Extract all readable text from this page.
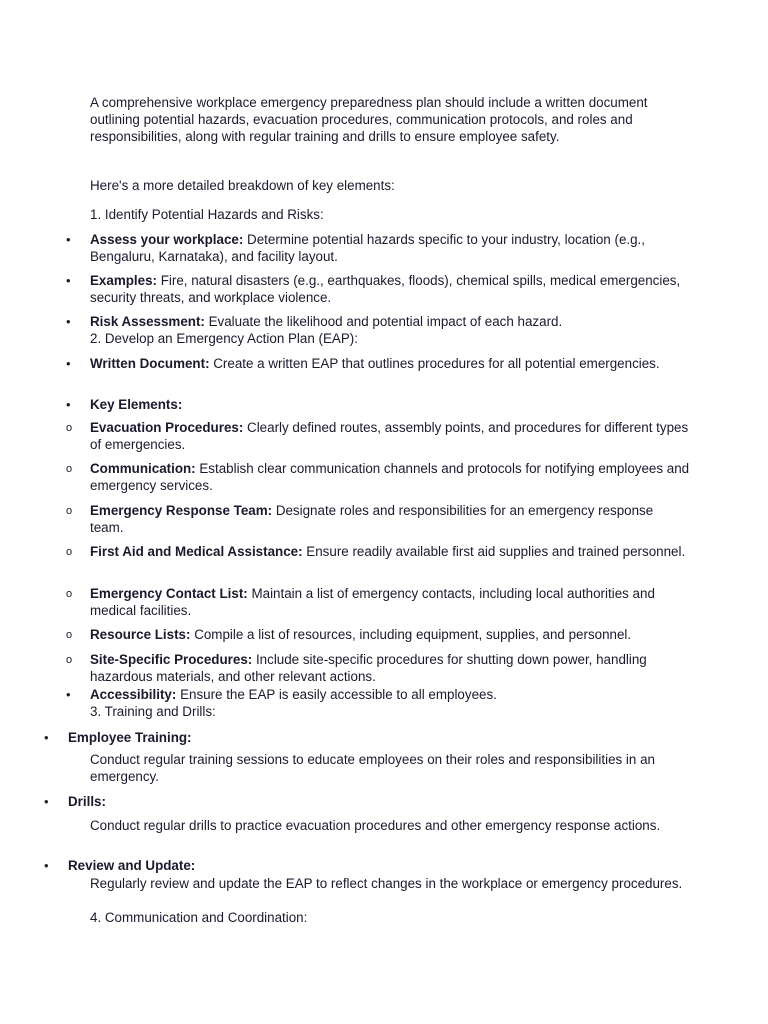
A comprehensive workplace emergency preparedness plan should include a written document outlining potential hazards, evacuation procedures, communication protocols, and roles and responsibilities, along with regular training and drills to ensure employee safety.

Here's a more detailed breakdown of key elements:

1. Identify Potential Hazards and Risks:

• Assess your workplace: Determine potential hazards specific to your industry, location (e.g., Bengaluru, Karnataka), and facility layout.

• Examples: Fire, natural disasters (e.g., earthquakes, floods), chemical spills, medical emergencies, security threats, and workplace violence.

• Risk Assessment: Evaluate the likelihood and potential impact of each hazard.

2. Develop an Emergency Action Plan (EAP):

• Written Document: Create a written EAP that outlines procedures for all potential emergencies.

• Key Elements:

o Evacuation Procedures: Clearly defined routes, assembly points, and procedures for different types of emergencies.

o Communication: Establish clear communication channels and protocols for notifying employees and emergency services.

o Emergency Response Team: Designate roles and responsibilities for an emergency response team.

o First Aid and Medical Assistance: Ensure readily available first aid supplies and trained personnel.

o Emergency Contact List: Maintain a list of emergency contacts, including local authorities and medical facilities.

o Resource Lists: Compile a list of resources, including equipment, supplies, and personnel.

o Site-Specific Procedures: Include site-specific procedures for shutting down power, handling hazardous materials, and other relevant actions.

• Accessibility: Ensure the EAP is easily accessible to all employees.

3. Training and Drills:

• Employee Training:

Conduct regular training sessions to educate employees on their roles and responsibilities in an emergency.

• Drills:

Conduct regular drills to practice evacuation procedures and other emergency response actions.

• Review and Update:

Regularly review and update the EAP to reflect changes in the workplace or emergency procedures.

4. Communication and Coordination:
